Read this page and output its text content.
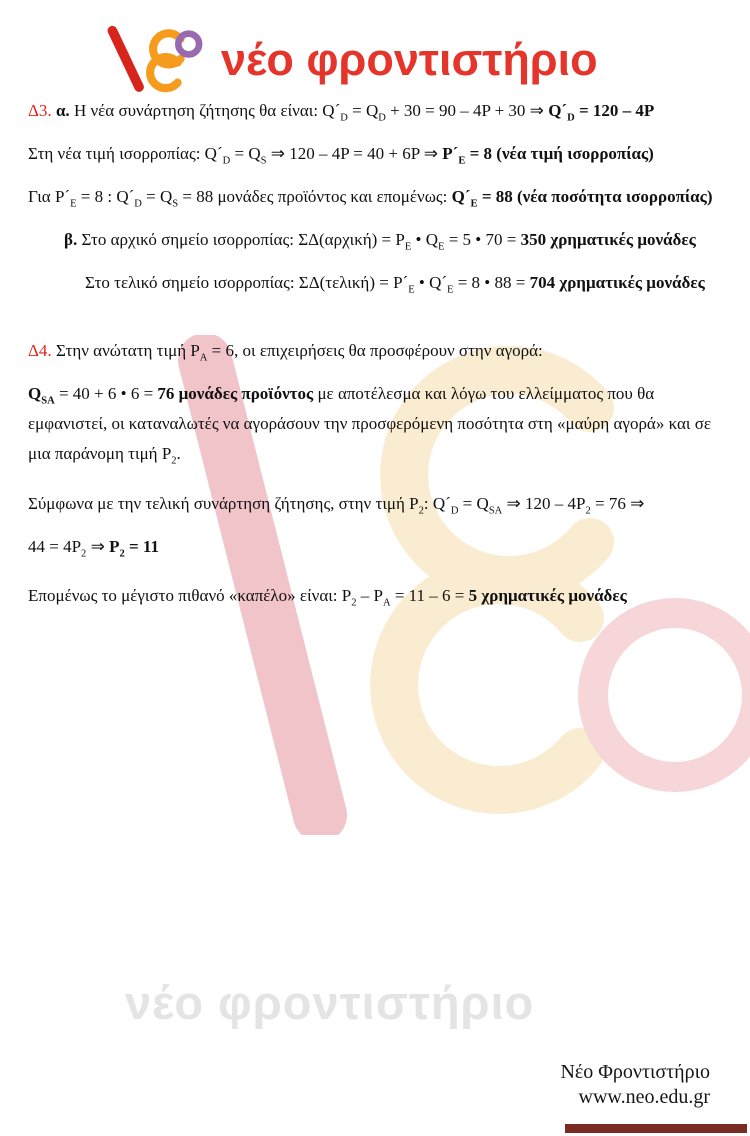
νέο φροντιστήριο
νέο φροντιστήριο

Δ3. α. Η νέα συνάρτηση ζήτησης θα είναι: $Q´_D = Q_D + 30 = 90 - 4P + 30$ ⇒ $Q´_D = 120 - 4P$

Στη νέα τιμή ισορροπίας: $Q´_D = Q_S$ ⇒ 120 – 4P = 40 + 6P ⇒ $P´_E = 8$ (νέα τιμή ισορροπίας)

Για $P´_E = 8$ : $Q´_D = Q_S = 88$ μονάδες προϊόντος και επομένως: $Q´_E = 88$ (νέα ποσότητα ισορροπίας)

β. Στο αρχικό σημείο ισορροπίας: $\Sigma\Delta(\alpha\rho\chi\iota\kappa ή) = P_E$ • $Q_E = 5$ • 70 = 350 χρηματικές μονάδες

Στο τελικό σημείο ισορροπίας: $\Sigma\Delta(\tau\varepsilon\lambda\iota\kappa ή) = P´_E$ • $Q´_E = 8$ • 88 = 704 χρηματικές μονάδες

Δ4. Στην ανώτατη τιμή $P_A = 6$, οι επιχειρήσεις θα προσφέρουν στην αγορά:

$Q_{SA} = 40 + 6$ • 6 = 76 μονάδες προϊόντος με αποτέλεσμα και λόγω του ελλείμματος που θα εμφανιστεί, οι καταναλωτές να αγοράσουν την προσφερόμενη ποσότητα στη «μαύρη αγορά» και σε μια παράνομη τιμή $P_2$.

Σύμφωνα με την τελική συνάρτηση ζήτησης, στην τιμή $P_2$: $Q´_D = Q_{SA}$ ⇒ $120 - 4P_2 = 76$ ⇒
$44 = 4P_2$ ⇒ $P_2 = 11$

Επομένως το μέγιστο πιθανό «καπέλο» είναι: $P_2 - P_A = 11 - 6 = 5$ χρηματικές μονάδες

Νέο Φροντιστήριο
www.neo.edu.gr
